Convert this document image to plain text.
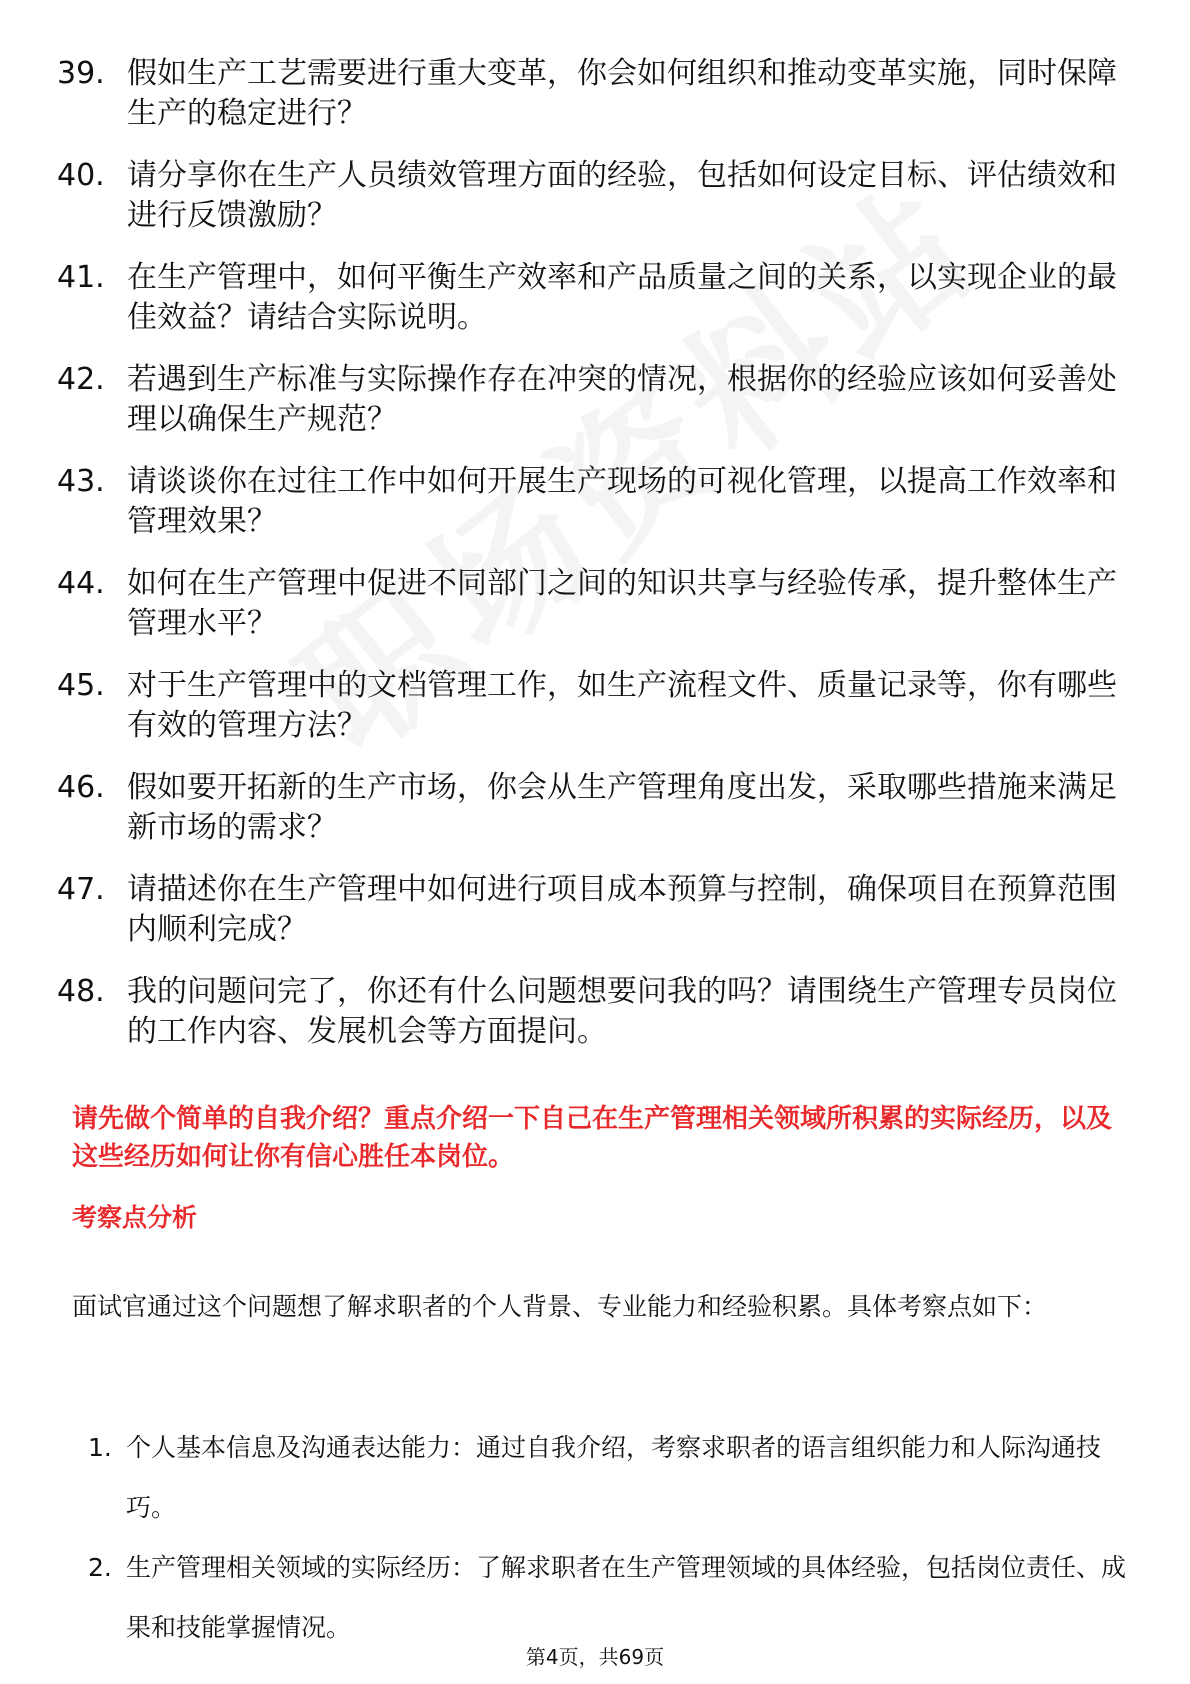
39. 假如生产工艺需要进行重大变革，你会如何组织和推动变革实施，同时保障生产的稳定进行？
40. 请分享你在生产人员绩效管理方面的经验，包括如何设定目标、评估绩效和进行反馈激励？
41. 在生产管理中，如何平衡生产效率和产品质量之间的关系，以实现企业的最佳效益？请结合实际说明。
42. 若遇到生产标准与实际操作存在冲突的情况，根据你的经验应该如何妥善处理以确保生产规范？
43. 请谈谈你在过往工作中如何开展生产现场的可视化管理，以提高工作效率和管理效果？
44. 如何在生产管理中促进不同部门之间的知识共享与经验传承，提升整体生产管理水平？
45. 对于生产管理中的文档管理工作，如生产流程文件、质量记录等，你有哪些有效的管理方法？
46. 假如要开拓新的生产市场，你会从生产管理角度出发，采取哪些措施来满足新市场的需求？
47. 请描述你在生产管理中如何进行项目成本预算与控制，确保项目在预算范围内顺利完成？
48. 我的问题问完了，你还有什么问题想要问我的吗？请围绕生产管理专员岗位的工作内容、发展机会等方面提问。

请先做个简单的自我介绍？重点介绍一下自己在生产管理相关领域所积累的实际经历，以及这些经历如何让你有信心胜任本岗位。

考察点分析

面试官通过这个问题想了解求职者的个人背景、专业能力和经验积累。具体考察点如下：

1. 个人基本信息及沟通表达能力：通过自我介绍，考察求职者的语言组织能力和人际沟通技巧。
2. 生产管理相关领域的实际经历：了解求职者在生产管理领域的具体经验，包括岗位责任、成果和技能掌握情况。
第4页，共69页
